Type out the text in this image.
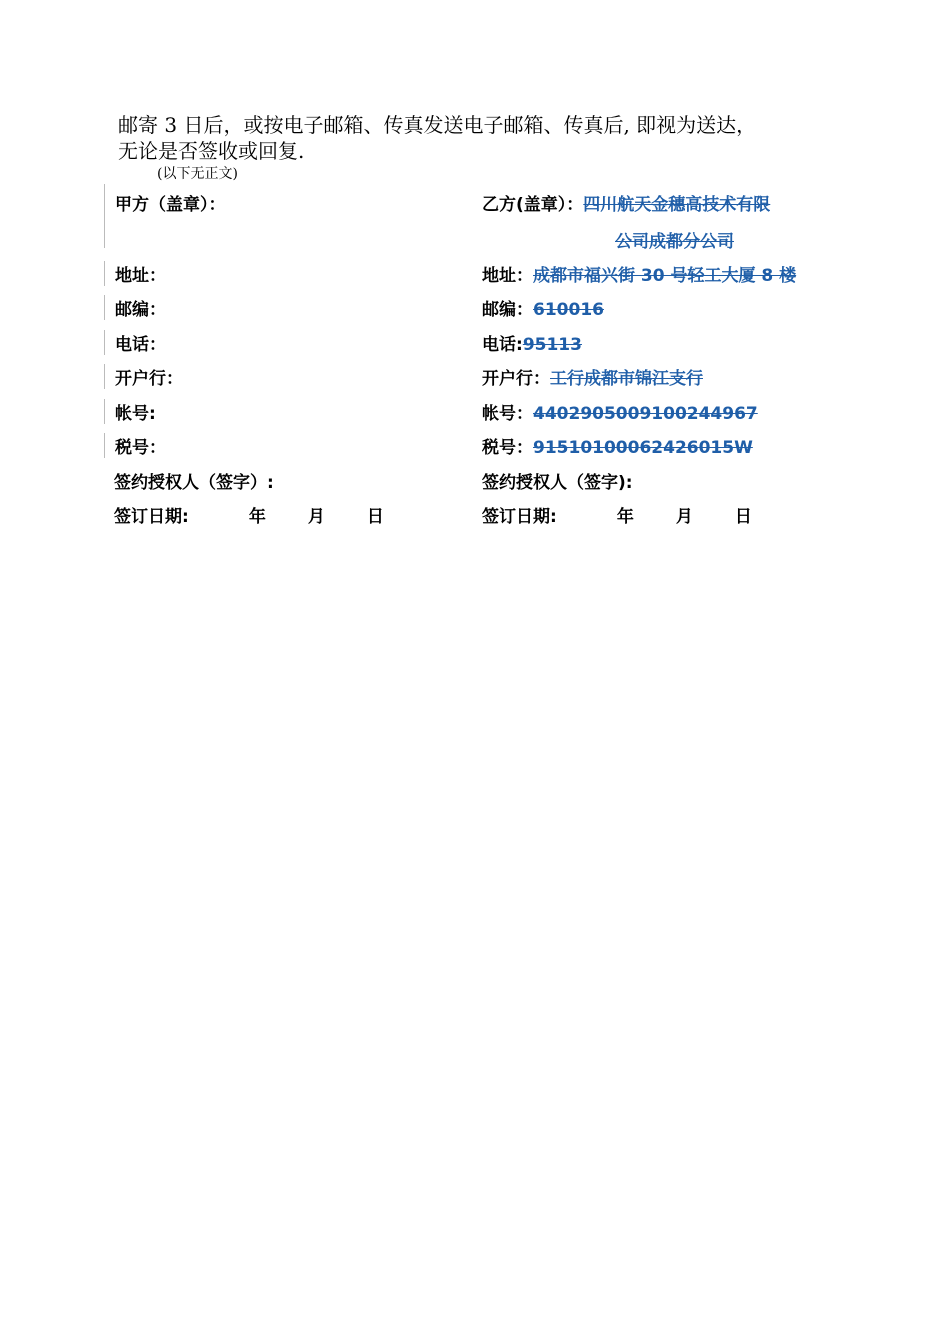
邮寄 3 日后，或按电子邮箱、传真发送电子邮箱、传真后, 即视为送达，
无论是否签收或回复.
(以下无正文)
甲方（盖章）：	乙方(盖章）：四川航天金穗高技术有限
公司成都分公司
地址：	地址：成都市福兴街 30 号轻工大厦 8 楼
邮编：	邮编：610016
电话：	电话:95113
开户行：	开户行：工行成都市锦江支行
帐号:	帐号：4402905009100244967
税号：	税号：91510100062426015W
签约授权人（签字）:	签约授权人（签字):
签订日期:	年 月 日	签订日期:	年 月 日
